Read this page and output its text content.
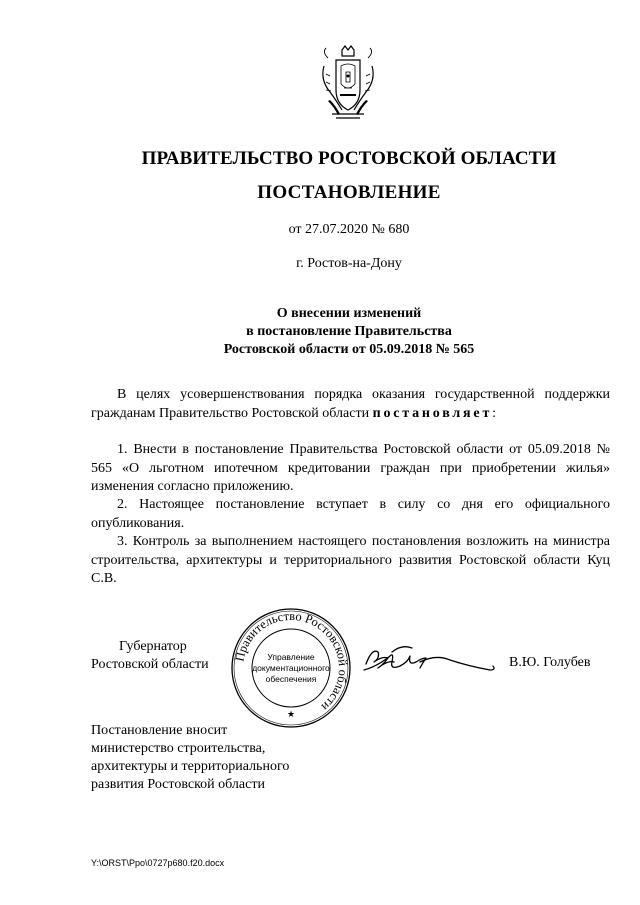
ПРАВИТЕЛЬСТВО РОСТОВСКОЙ ОБЛАСТИ
ПОСТАНОВЛЕНИЕ
от 27.07.2020 № 680
г. Ростов-на-Дону
О внесении изменений
в постановление Правительства
Ростовской области от 05.09.2018 № 565
В целях усовершенствования порядка оказания государственной поддержки гражданам Правительство Ростовской области постановляет:
1. Внести в постановление Правительства Ростовской области от 05.09.2018 № 565 «О льготном ипотечном кредитовании граждан при приобретении жилья» изменения согласно приложению.
2. Настоящее постановление вступает в силу со дня его официального опубликования.
3. Контроль за выполнением настоящего постановления возложить на министра строительства, архитектуры и территориального развития Ростовской области Куц С.В.
Губернатор
Ростовской области
Правительство Ростовской области
Управление
документационного
обеспечения
★
В.Ю. Голубев
Постановление вносит
министерство строительства,
архитектуры и территориального
развития Ростовской области
Y:\ORST\Ppo\0727p680.f20.docx
